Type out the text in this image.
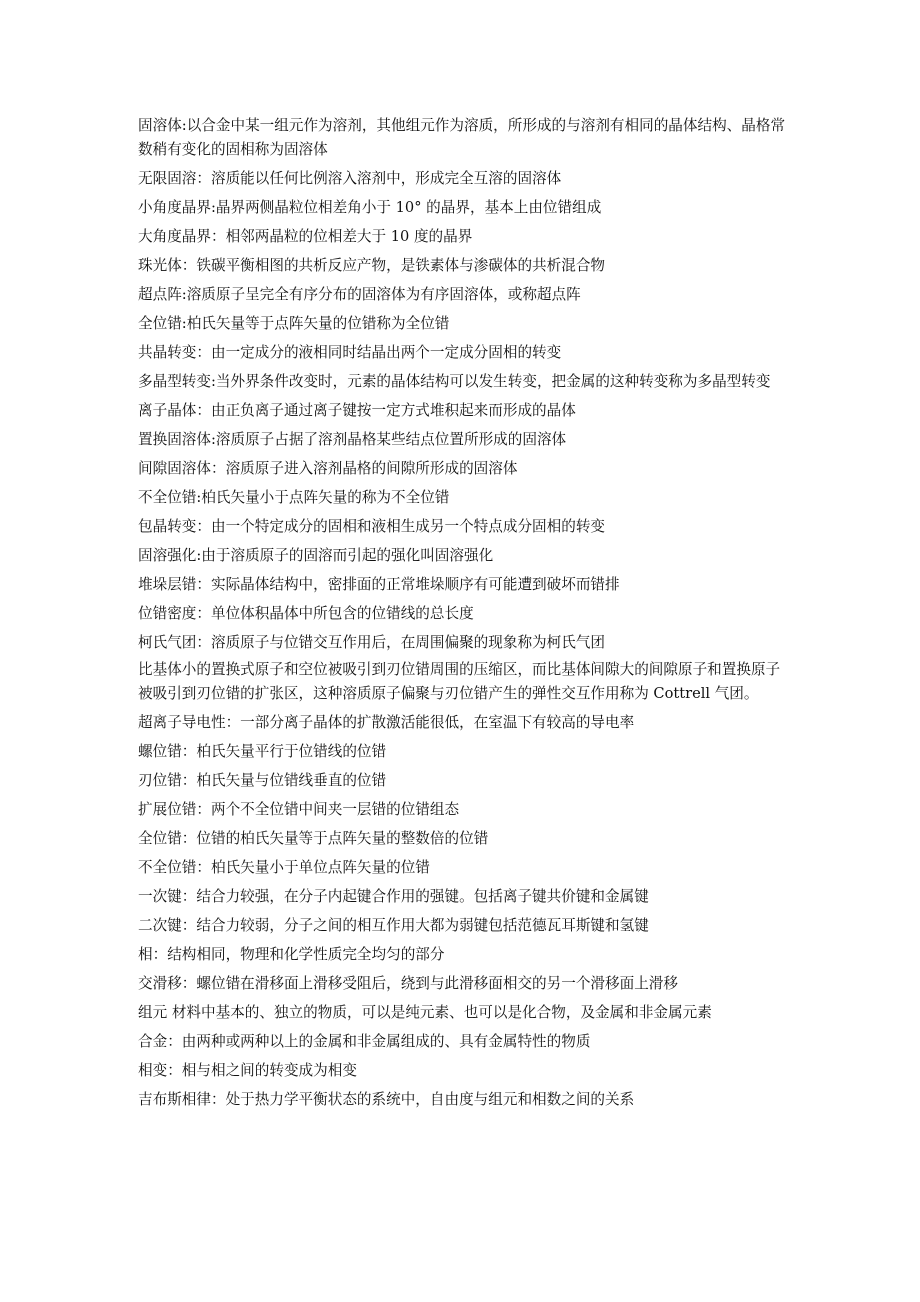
固溶体:以合金中某一组元作为溶剂，其他组元作为溶质，所形成的与溶剂有相同的晶体结构、晶格常数稍有变化的固相称为固溶体

无限固溶：溶质能以任何比例溶入溶剂中，形成完全互溶的固溶体

小角度晶界:晶界两侧晶粒位相差角小于 10° 的晶界，基本上由位错组成

大角度晶界：相邻两晶粒的位相差大于 10 度的晶界

珠光体：铁碳平衡相图的共析反应产物，是铁素体与渗碳体的共析混合物

超点阵:溶质原子呈完全有序分布的固溶体为有序固溶体，或称超点阵

全位错:柏氏矢量等于点阵矢量的位错称为全位错

共晶转变：由一定成分的液相同时结晶出两个一定成分固相的转变

多晶型转变:当外界条件改变时，元素的晶体结构可以发生转变，把金属的这种转变称为多晶型转变

离子晶体：由正负离子通过离子键按一定方式堆积起来而形成的晶体

置换固溶体:溶质原子占据了溶剂晶格某些结点位置所形成的固溶体

间隙固溶体：溶质原子进入溶剂晶格的间隙所形成的固溶体

不全位错:柏氏矢量小于点阵矢量的称为不全位错

包晶转变：由一个特定成分的固相和液相生成另一个特点成分固相的转变

固溶强化:由于溶质原子的固溶而引起的强化叫固溶强化

堆垛层错：实际晶体结构中，密排面的正常堆垛顺序有可能遭到破坏而错排

位错密度：单位体积晶体中所包含的位错线的总长度

柯氏气团：溶质原子与位错交互作用后，在周围偏聚的现象称为柯氏气团

比基体小的置换式原子和空位被吸引到刃位错周围的压缩区，而比基体间隙大的间隙原子和置换原子被吸引到刃位错的扩张区，这种溶质原子偏聚与刃位错产生的弹性交互作用称为 Cottrell 气团。

超离子导电性：一部分离子晶体的扩散激活能很低，在室温下有较高的导电率

螺位错：柏氏矢量平行于位错线的位错

刃位错：柏氏矢量与位错线垂直的位错

扩展位错：两个不全位错中间夹一层错的位错组态

全位错：位错的柏氏矢量等于点阵矢量的整数倍的位错

不全位错：柏氏矢量小于单位点阵矢量的位错

一次键：结合力较强，在分子内起键合作用的强键。包括离子键共价键和金属键

二次键：结合力较弱，分子之间的相互作用大都为弱键包括范德瓦耳斯键和氢键

相：结构相同，物理和化学性质完全均匀的部分

交滑移：螺位错在滑移面上滑移受阻后，绕到与此滑移面相交的另一个滑移面上滑移

组元 材料中基本的、独立的物质，可以是纯元素、也可以是化合物，及金属和非金属元素

合金：由两种或两种以上的金属和非金属组成的、具有金属特性的物质

相变：相与相之间的转变成为相变

吉布斯相律：处于热力学平衡状态的系统中，自由度与组元和相数之间的关系
